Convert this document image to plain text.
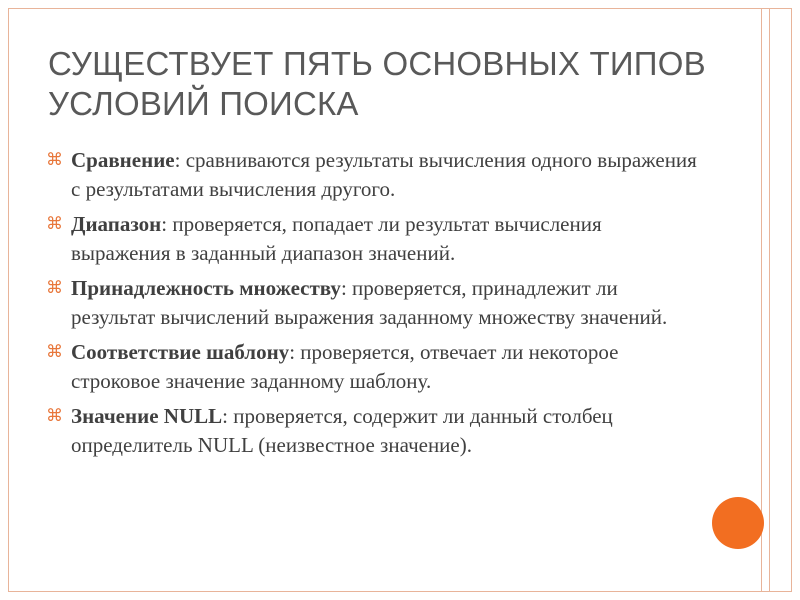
СУЩЕСТВУЕТ ПЯТЬ ОСНОВНЫХ ТИПОВ УСЛОВИЙ ПОИСКА
⌘ Сравнение: сравниваются результаты вычисления одного выражения с результатами вычисления другого.
⌘ Диапазон: проверяется, попадает ли результат вычисления выражения в заданный диапазон значений.
⌘ Принадлежность множеству: проверяется, принадлежит ли результат вычислений выражения заданному множеству значений.
⌘ Соответствие шаблону: проверяется, отвечает ли некоторое строковое значение заданному шаблону.
⌘ Значение NULL: проверяется, содержит ли данный столбец определитель NULL (неизвестное значение).
